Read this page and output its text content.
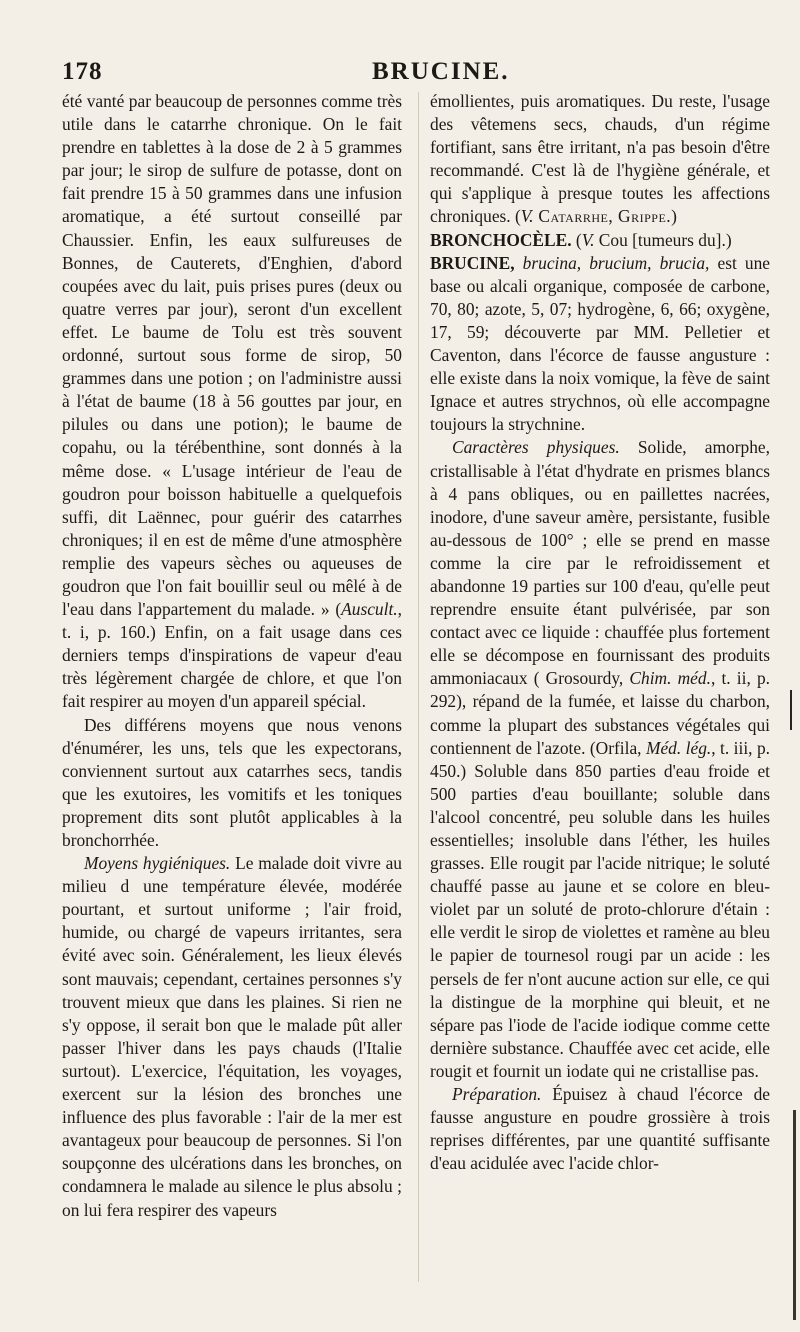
178	BRUCINE.

été vanté par beaucoup de personnes comme très utile dans le catarrhe chronique. On le fait prendre en tablettes à la dose de 2 à 5 grammes par jour; le sirop de sulfure de potasse, dont on fait prendre 15 à 50 grammes dans une infusion aromatique, a été surtout conseillé par Chaussier. Enfin, les eaux sulfureuses de Bonnes, de Cauterets, d'Enghien, d'abord coupées avec du lait, puis prises pures (deux ou quatre verres par jour), seront d'un excellent effet. Le baume de Tolu est très souvent ordonné, surtout sous forme de sirop, 50 grammes dans une potion ; on l'administre aussi à l'état de baume (18 à 56 gouttes par jour, en pilules ou dans une potion); le baume de copahu, ou la térébenthine, sont donnés à la même dose. « L'usage intérieur de l'eau de goudron pour boisson habituelle a quelquefois suffi, dit Laënnec, pour guérir des catarrhes chroniques; il en est de même d'une atmosphère remplie des vapeurs sèches ou aqueuses de goudron que l'on fait bouillir seul ou mêlé à de l'eau dans l'appartement du malade. » (Auscult., t. i, p. 160.) Enfin, on a fait usage dans ces derniers temps d'inspirations de vapeur d'eau très légèrement chargée de chlore, et que l'on fait respirer au moyen d'un appareil spécial.

Des différens moyens que nous venons d'énumérer, les uns, tels que les expectorans, conviennent surtout aux catarrhes secs, tandis que les exutoires, les vomitifs et les toniques proprement dits sont plutôt applicables à la bronchorrhée.

Moyens hygiéniques. Le malade doit vivre au milieu d une température élevée, modérée pourtant, et surtout uniforme ; l'air froid, humide, ou chargé de vapeurs irritantes, sera évité avec soin. Généralement, les lieux élevés sont mauvais; cependant, certaines personnes s'y trouvent mieux que dans les plaines. Si rien ne s'y oppose, il serait bon que le malade pût aller passer l'hiver dans les pays chauds (l'Italie surtout). L'exercice, l'équitation, les voyages, exercent sur la lésion des bronches une influence des plus favorable : l'air de la mer est avantageux pour beaucoup de personnes. Si l'on soupçonne des ulcérations dans les bronches, on condamnera le malade au silence le plus absolu ; on lui fera respirer des vapeurs

émollientes, puis aromatiques. Du reste, l'usage des vêtemens secs, chauds, d'un régime fortifiant, sans être irritant, n'a pas besoin d'être recommandé. C'est là de l'hygiène générale, et qui s'applique à presque toutes les affections chroniques. (V. Catarrhe, Grippe.)

BRONCHOCÈLE. (V. Cou [tumeurs du].)

BRUCINE, brucina, brucium, brucia, est une base ou alcali organique, composée de carbone, 70, 80; azote, 5, 07; hydrogène, 6, 66; oxygène, 17, 59; découverte par MM. Pelletier et Caventon, dans l'écorce de fausse angusture : elle existe dans la noix vomique, la fève de saint Ignace et autres strychnos, où elle accompagne toujours la strychnine.

Caractères physiques. Solide, amorphe, cristallisable à l'état d'hydrate en prismes blancs à 4 pans obliques, ou en paillettes nacrées, inodore, d'une saveur amère, persistante, fusible au-dessous de 100° ; elle se prend en masse comme la cire par le refroidissement et abandonne 19 parties sur 100 d'eau, qu'elle peut reprendre ensuite étant pulvérisée, par son contact avec ce liquide : chauffée plus fortement elle se décompose en fournissant des produits ammoniacaux ( Grosourdy, Chim. méd., t. ii, p. 292), répand de la fumée, et laisse du charbon, comme la plupart des substances végétales qui contiennent de l'azote. (Orfila, Méd. lég., t. iii, p. 450.) Soluble dans 850 parties d'eau froide et 500 parties d'eau bouillante; soluble dans l'alcool concentré, peu soluble dans les huiles essentielles; insoluble dans l'éther, les huiles grasses. Elle rougit par l'acide nitrique; le soluté chauffé passe au jaune et se colore en bleu-violet par un soluté de proto-chlorure d'étain : elle verdit le sirop de violettes et ramène au bleu le papier de tournesol rougi par un acide : les persels de fer n'ont aucune action sur elle, ce qui la distingue de la morphine qui bleuit, et ne sépare pas l'iode de l'acide iodique comme cette dernière substance. Chauffée avec cet acide, elle rougit et fournit un iodate qui ne cristallise pas.

Préparation. Épuisez à chaud l'écorce de fausse angusture en poudre grossière à trois reprises différentes, par une quantité suffisante d'eau acidulée avec l'acide chlor-
